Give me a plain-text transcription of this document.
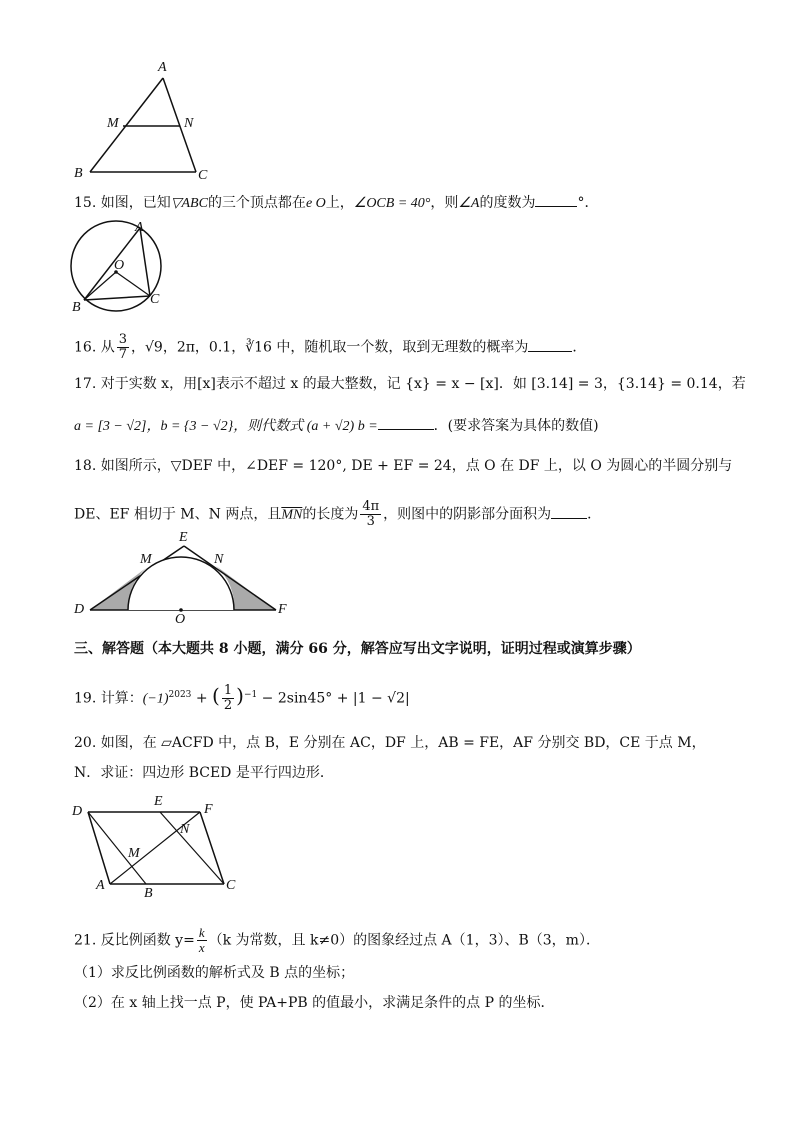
A
M	N
B	C
15. 如图，已知▽ABC的三个顶点都在e O上，∠OCB = 40°，则∠A的度数为	°．
A
O
B
C
16. 从 $\frac{3}{7}$ ，√9，2π，0.1，∛16 中，随机取一个数，取到无理数的概率为	．
17. 对于实数 x，用[x]表示不超过 x 的最大整数，记 {x} = x − [x]．如 [3.14] = 3，{3.14} = 0.14，若
a = [3 − √2]，b = {3 − √2}，则代数式 (a + √2) b =	．(要求答案为具体的数值)
18. 如图所示，▽DEF 中，∠DEF = 120°, DE + EF = 24，点 O 在 DF 上，以 O 为圆心的半圆分别与
DE、EF 相切于 M、N 两点，且$\overline{MN}$的长度为 $\frac{4\pi}{3}$ ，则图中的阴影部分面积为	．
E
M	N
D
O
F
三、解答题（本大题共 8 小题，满分 66 分，解答应写出文字说明，证明过程或演算步骤）
19. 计算：$(-1)^{2023}$ + ( $\frac{1}{2} )^{-1} - 2\sin 45^\circ + |1 - √2|$
20. 如图，在 ▱ACFD 中，点 B，E 分别在 AC，DF 上，AB = FE，AF 分别交 BD，CE 于点 M，
N．求证：四边形 BCED 是平行四边形．
D
E
F
N
M
A
B
C
21. 反比例函数 $y= \frac{k}{x} (k$ 为常数，且 k≠0）的图象经过点 A（1，3）、B（3，m）．
（1）求反比例函数的解析式及 B 点的坐标；
（2）在 x 轴上找一点 P，使 PA+PB 的值最小，求满足条件的点 P 的坐标．
